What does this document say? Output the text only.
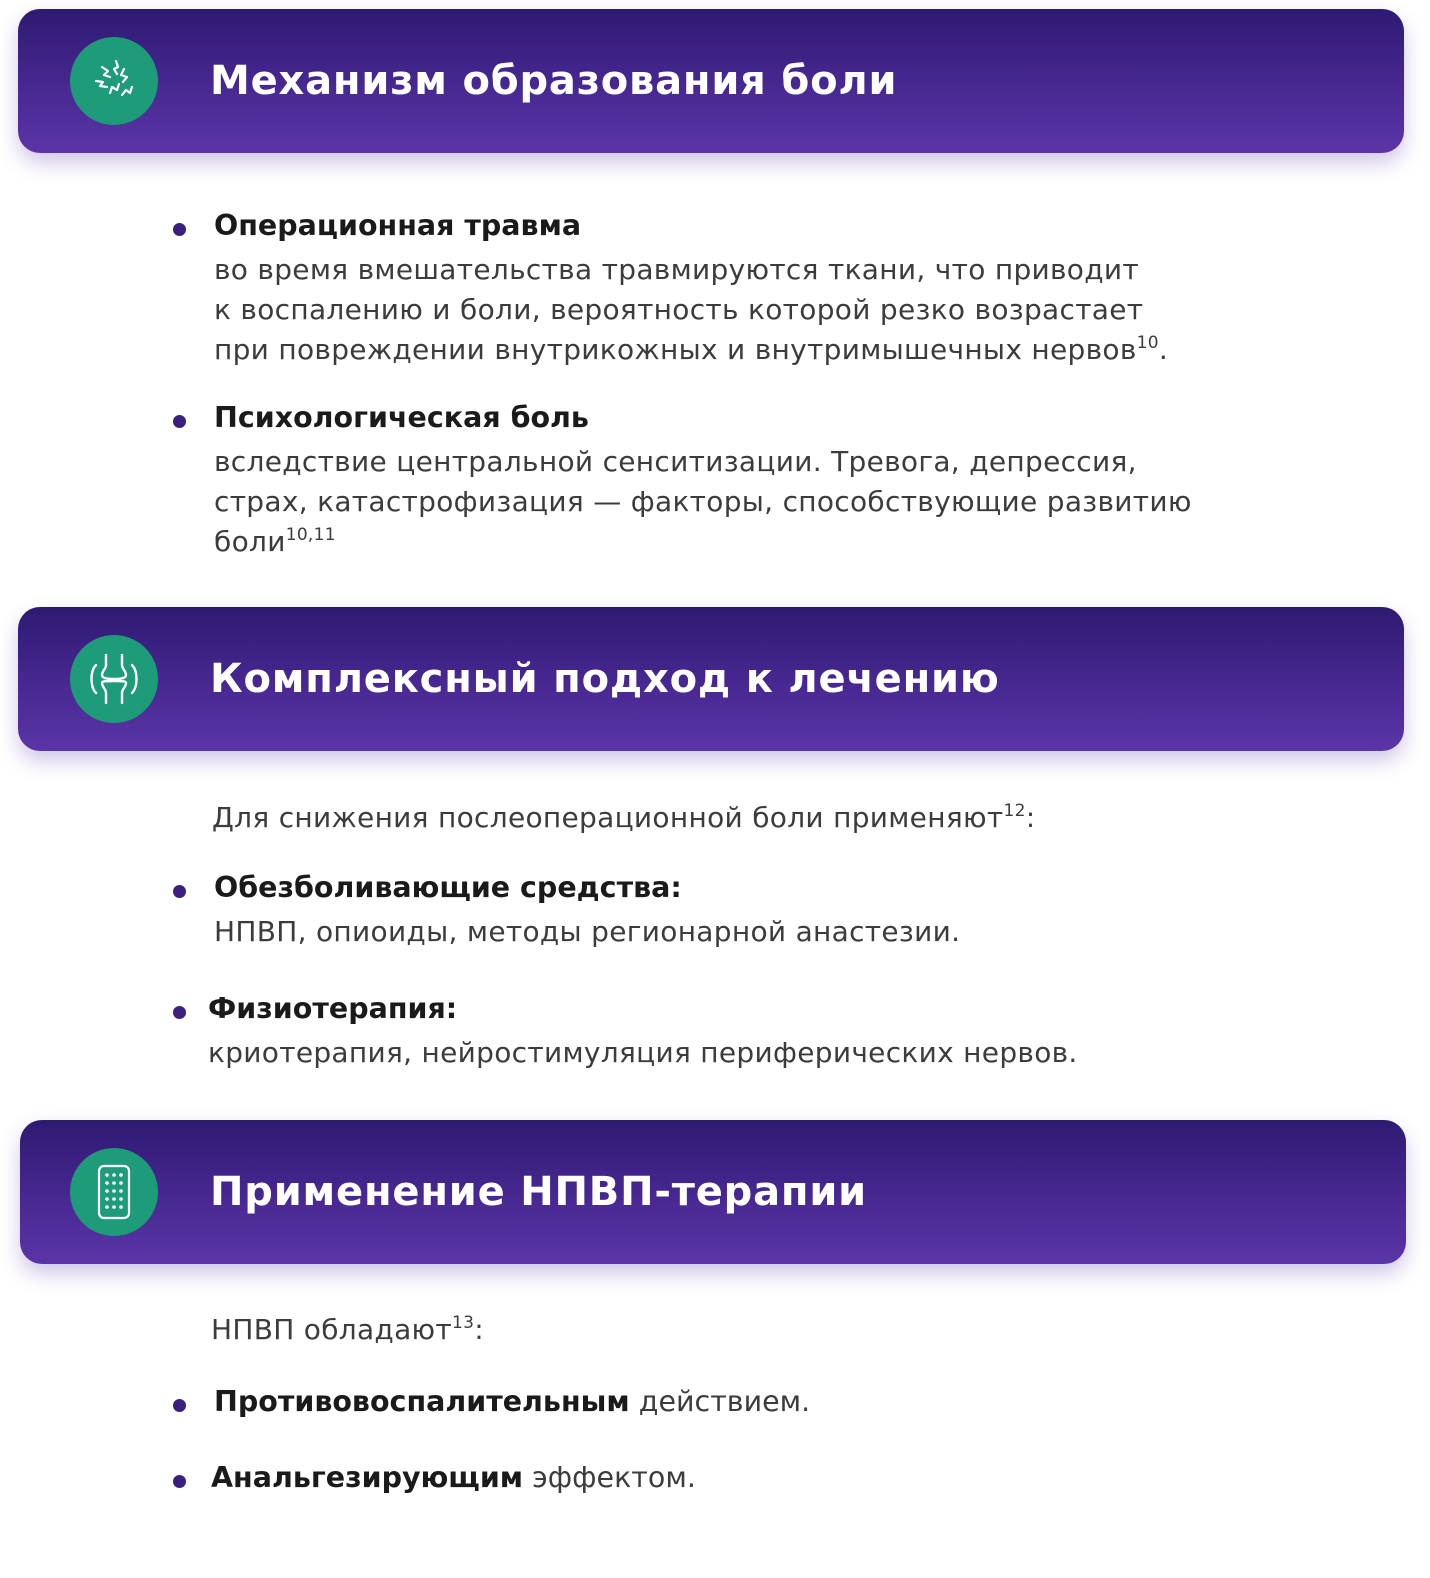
Механизм образования боли
Операционная травма
во время вмешательства травмируются ткани, что приводит
к воспалению и боли, вероятность которой резко возрастает
при повреждении внутрикожных и внутримышечных нервов$^{10}$.
Психологическая боль
вследствие центральной сенситизации. Тревога, депрессия,
страх, катастрофизация — факторы, способствующие развитию
боли$^{10,11}$
Комплексный подход к лечению
Для снижения послеоперационной боли применяют$^{12}$:
Обезболивающие средства:
НПВП, опиоиды, методы регионарной анастезии.
Физиотерапия:
криотерапия, нейростимуляция периферических нервов.
Применение НПВП-терапии
НПВП обладают$^{13}$:
Противовоспалительным действием.
Анальгезирующим эффектом.
